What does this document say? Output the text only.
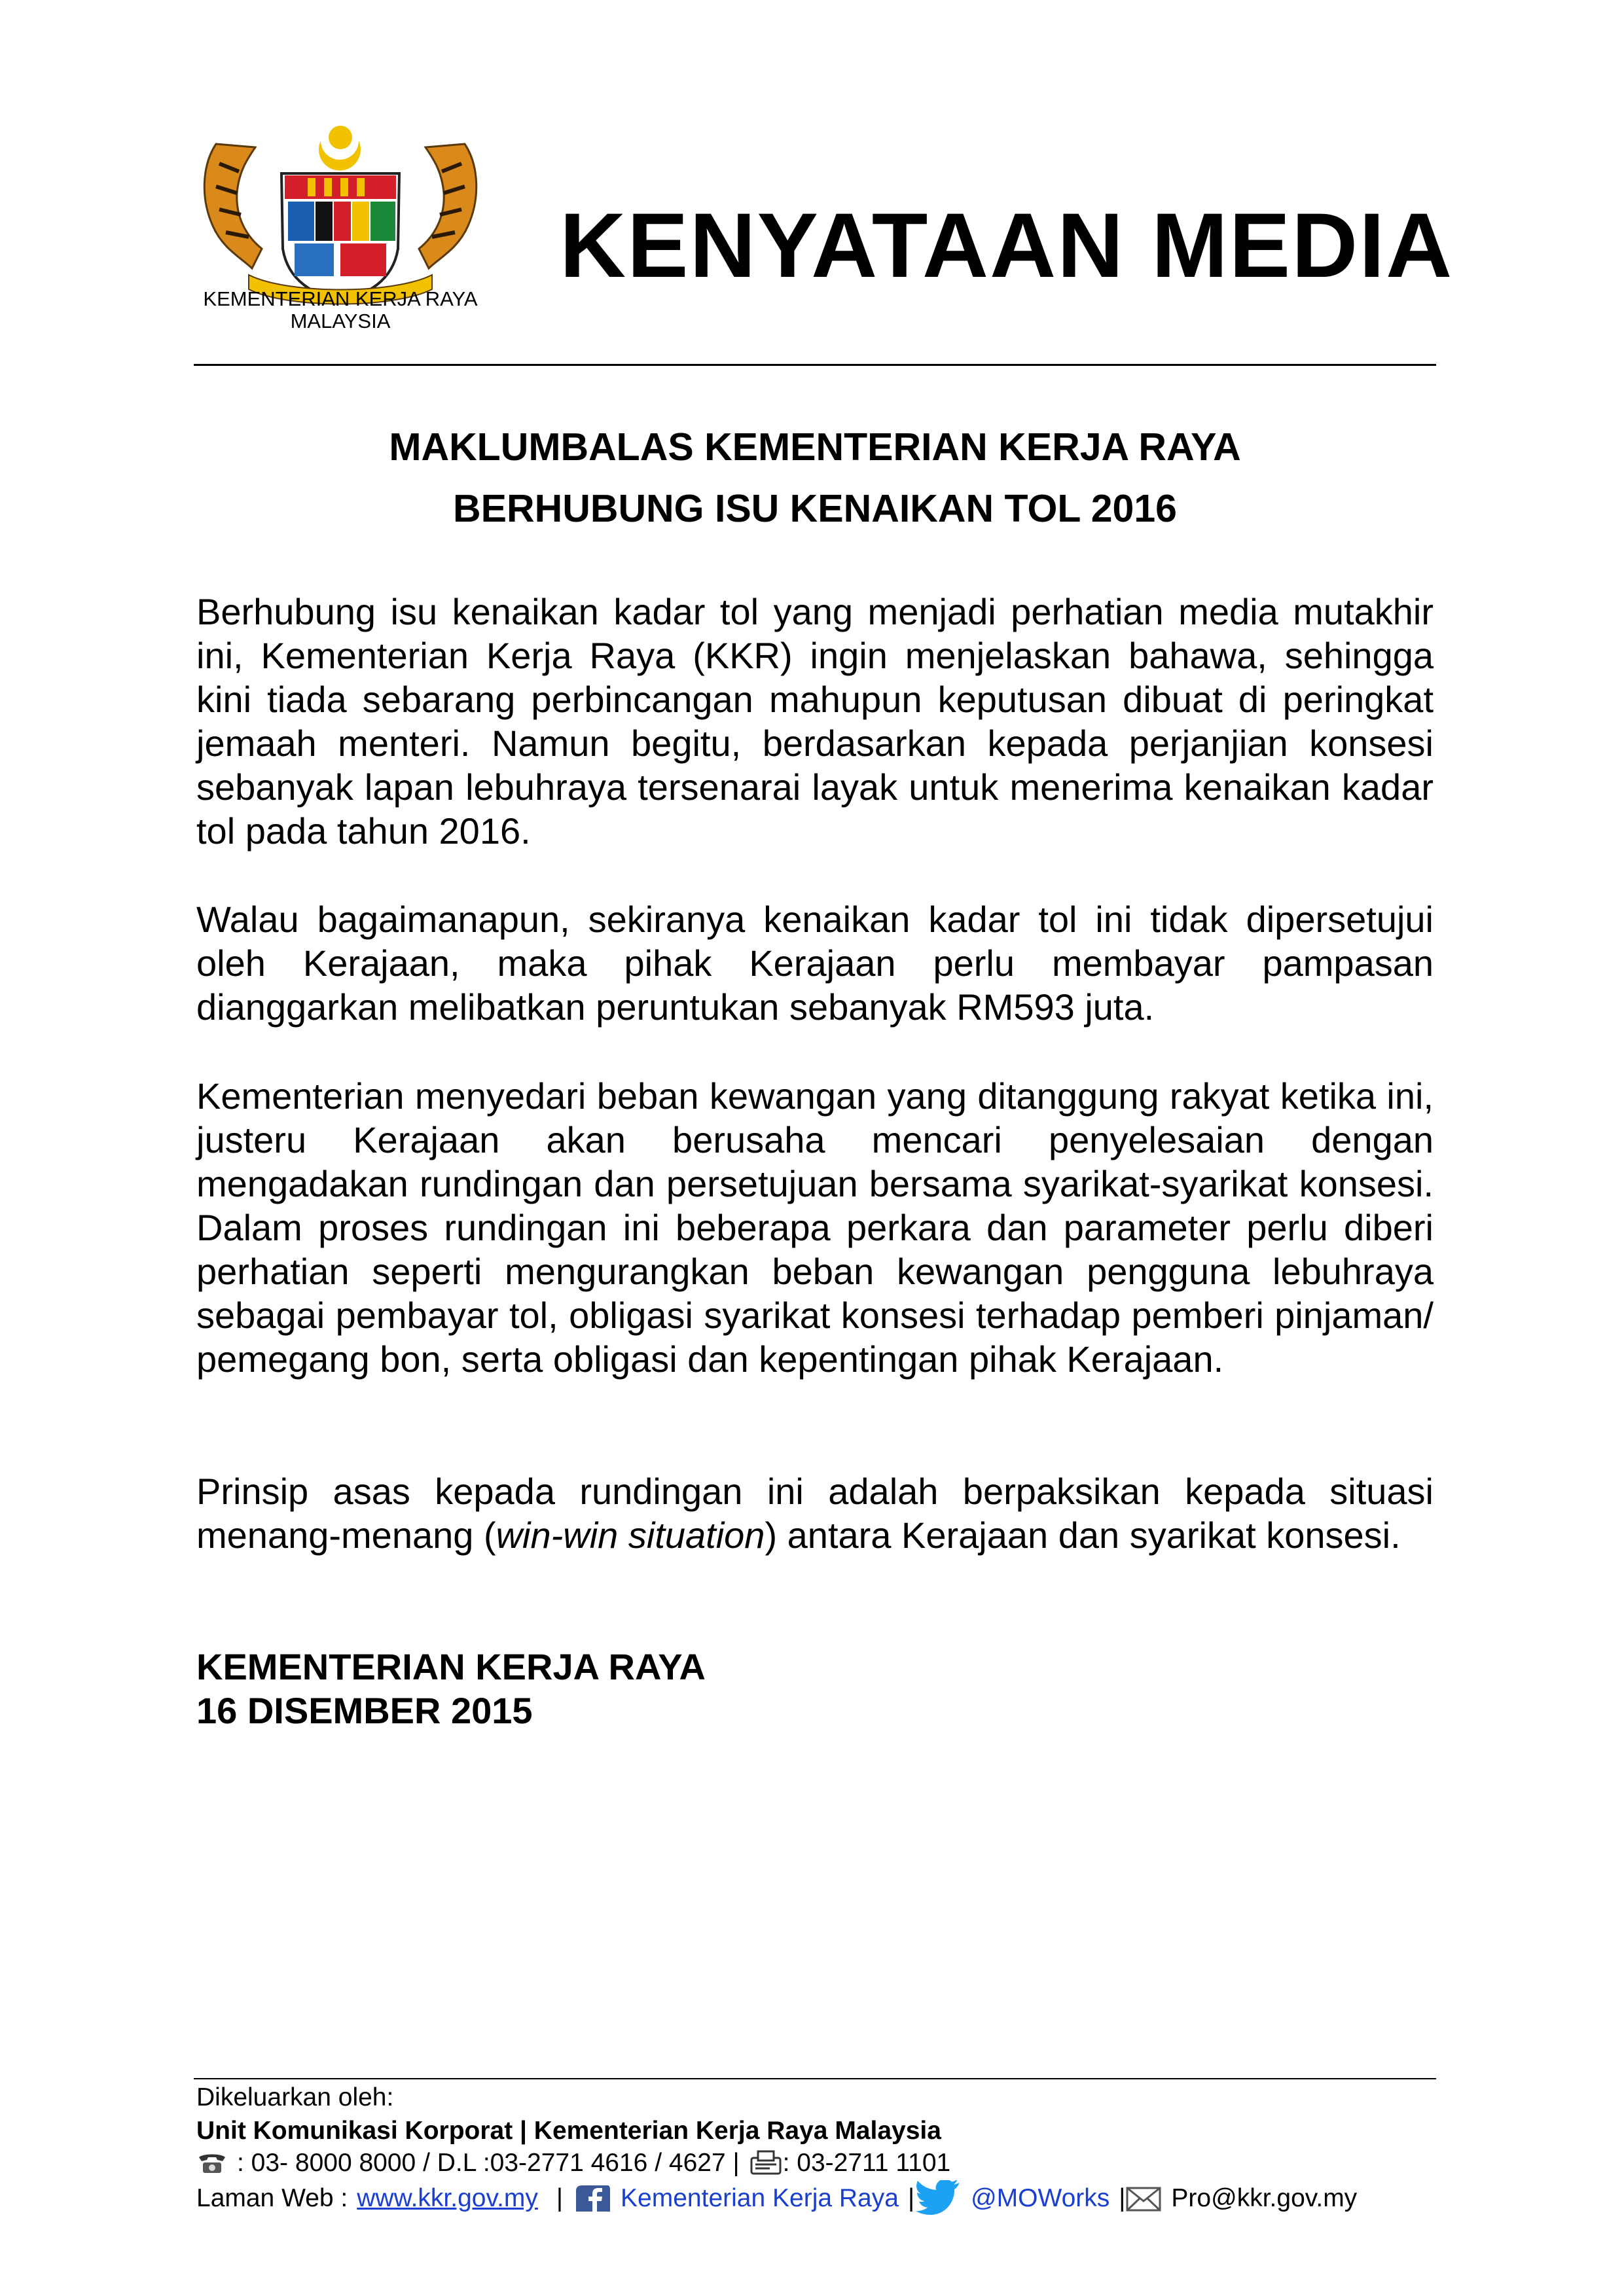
KEMENTERIAN KERJA RAYA
MALAYSIA
KENYATAAN MEDIA
MAKLUMBALAS KEMENTERIAN KERJA RAYA
BERHUBUNG ISU KENAIKAN TOL 2016

Berhubung isu kenaikan kadar tol yang menjadi perhatian media mutakhir ini, Kementerian Kerja Raya (KKR) ingin menjelaskan bahawa, sehingga kini tiada sebarang perbincangan mahupun keputusan dibuat di peringkat jemaah menteri. Namun begitu, berdasarkan kepada perjanjian konsesi sebanyak lapan lebuhraya tersenarai layak untuk menerima kenaikan kadar tol pada tahun 2016.

Walau bagaimanapun, sekiranya kenaikan kadar tol ini tidak dipersetujui oleh Kerajaan, maka pihak Kerajaan perlu membayar pampasan dianggarkan melibatkan peruntukan sebanyak RM593 juta.

Kementerian menyedari beban kewangan yang ditanggung rakyat ketika ini, justeru Kerajaan akan berusaha mencari penyelesaian dengan mengadakan rundingan dan persetujuan bersama syarikat-syarikat konsesi. Dalam proses rundingan ini beberapa perkara dan parameter perlu diberi perhatian seperti mengurangkan beban kewangan pengguna lebuhraya sebagai pembayar tol, obligasi syarikat konsesi terhadap pemberi pinjaman/ pemegang bon, serta obligasi dan kepentingan pihak Kerajaan.

Prinsip asas kepada rundingan ini adalah berpaksikan kepada situasi menang-menang (win-win situation) antara Kerajaan dan syarikat konsesi.

KEMENTERIAN KERJA RAYA
16 DISEMBER 2015
Dikeluarkan oleh:
Unit Komunikasi Korporat | Kementerian Kerja Raya Malaysia
: 03- 8000 8000 / D.L :03-2771 4616 / 4627 | : 03-2711 1101
Laman Web : www.kkr.gov.my | Kementerian Kerja Raya | @MOWorks | Pro@kkr.gov.my
